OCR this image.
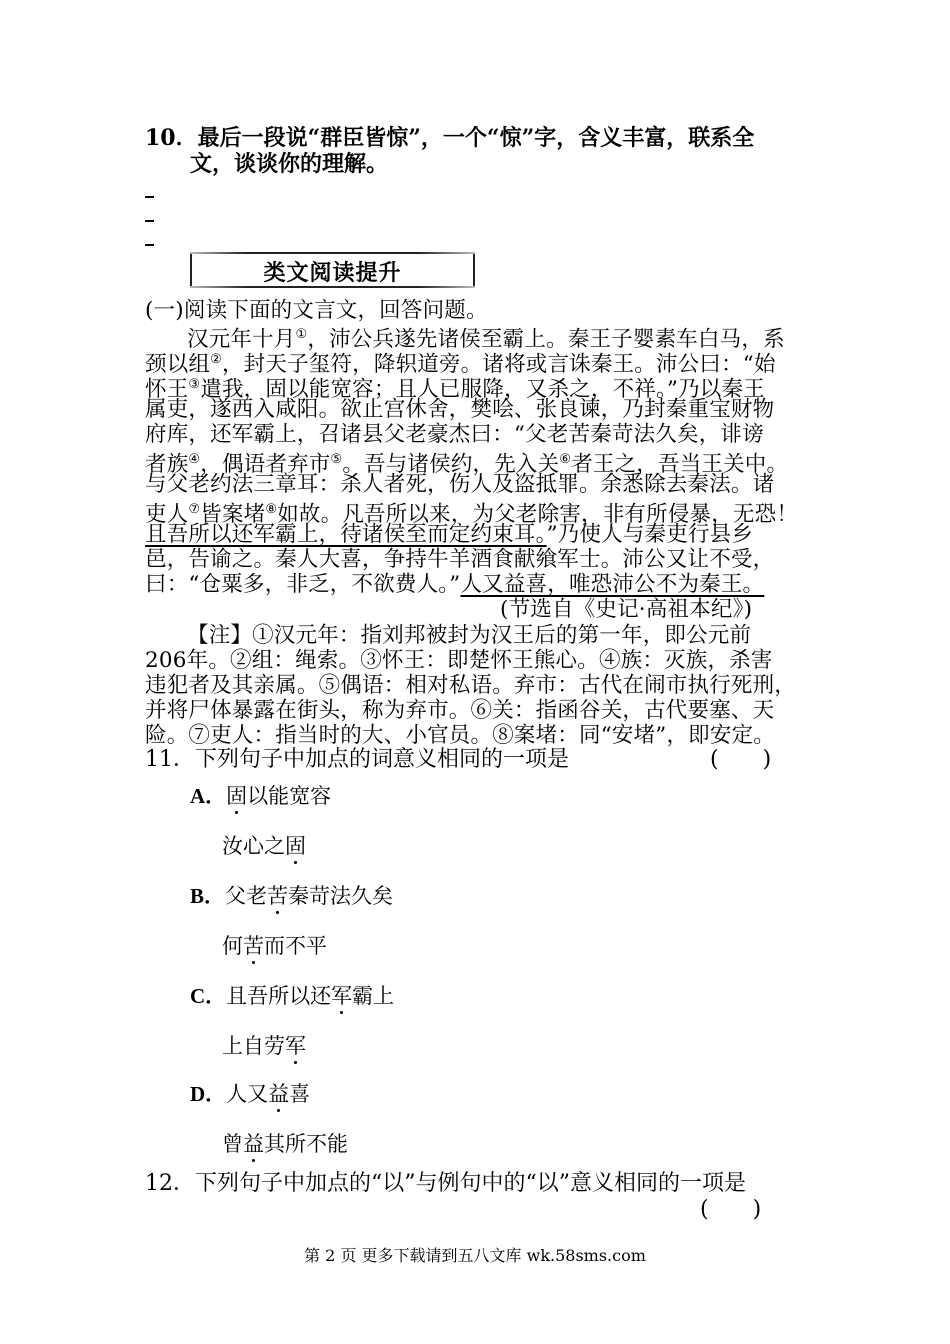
10．最后一段说“群臣皆惊”，一个“惊”字，含义丰富，联系全
文，谈谈你的理解。
类文阅读提升
(一)阅读下面的文言文，回答问题。
汉元年十月①，沛公兵遂先诸侯至霸上。秦王子婴素车白马，系
颈以组②，封天子玺符，降轵道旁。诸将或言诛秦王。沛公曰：“始
怀王③遣我，固以能宽容；且人已服降，又杀之，不祥。”乃以秦王
属吏，遂西入咸阳。欲止宫休舍，樊哙、张良谏，乃封秦重宝财物
府库，还军霸上，召诸县父老豪杰曰：“父老苦秦苛法久矣，诽谤
者族④，偶语者弃市⑤。吾与诸侯约，先入关⑥者王之，吾当王关中。
与父老约法三章耳：杀人者死，伤人及盗抵罪。余悉除去秦法。诸
吏人⑦皆案堵⑧如故。凡吾所以来，为父老除害，非有所侵暴，无恐！
且吾所以还军霸上，待诸侯至而定约束耳。”乃使人与秦吏行县乡
邑，告谕之。秦人大喜，争持牛羊酒食献飨军士。沛公又让不受，
曰：“仓粟多，非乏，不欲费人。”人又益喜，唯恐沛公不为秦王。
(节选自《史记·高祖本纪》)
【注】①汉元年：指刘邦被封为汉王后的第一年，即公元前
206年。②组：绳索。③怀王：即楚怀王熊心。④族：灭族，杀害
违犯者及其亲属。⑤偶语：相对私语。弃市：古代在闹市执行死刑，
并将尸体暴露在街头，称为弃市。⑥关：指函谷关，古代要塞、天
险。⑦吏人：指当时的大、小官员。⑧案堵：同“安堵”，即安定。
11．下列句子中加点的词意义相同的一项是	(　　)
A．固以能宽容
汝心之固
B．父老苦秦苛法久矣
何苦而不平
C．且吾所以还军霸上
上自劳军
D．人又益喜
曾益其所不能
12．下列句子中加点的“以”与例句中的“以”意义相同的一项是
(　　)
第 2 页 更多下载请到五八文库 wk.58sms.com
